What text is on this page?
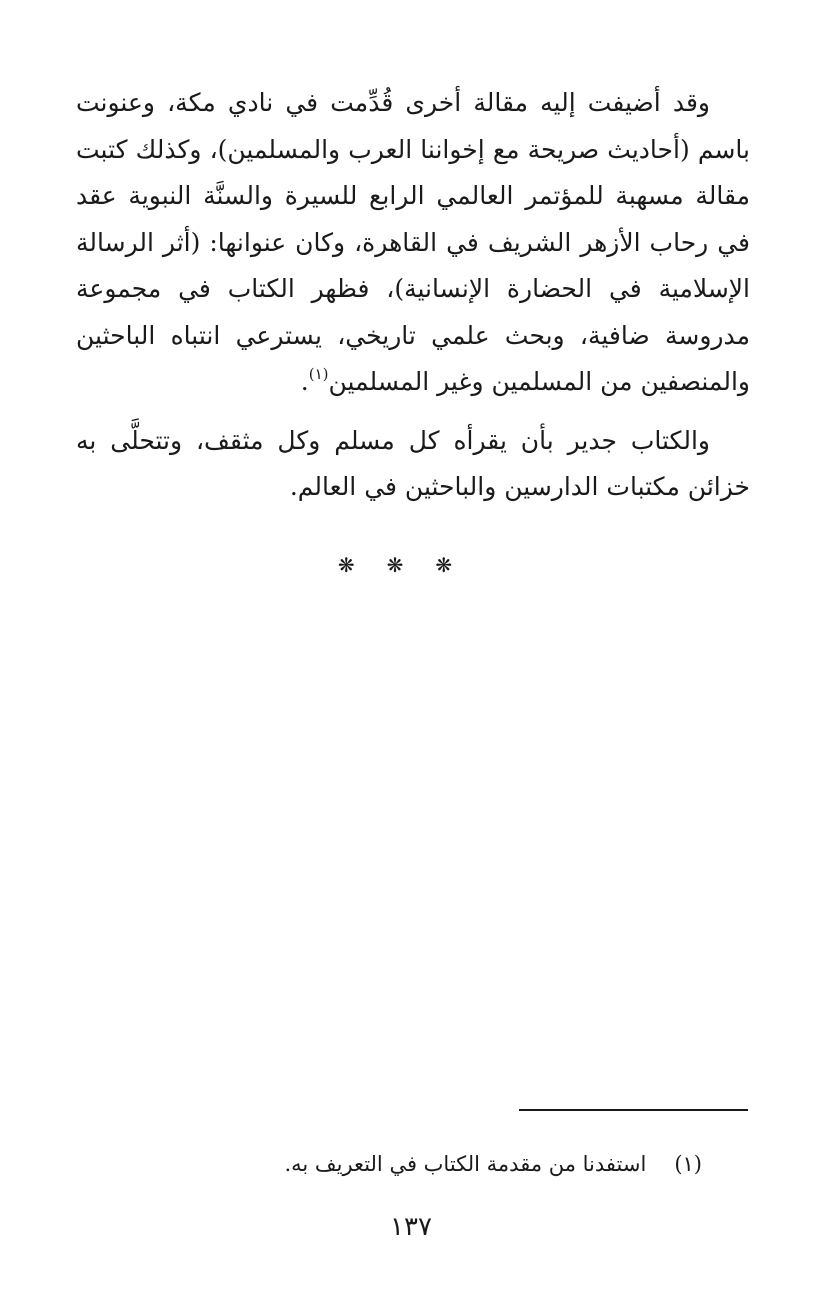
وقد أضيفت إليه مقالة أخرى قُدِّمت في نادي مكة، وعنونت باسم (أحاديث صريحة مع إخواننا العرب والمسلمين)، وكذلك كتبت مقالة مسهبة للمؤتمر العالمي الرابع للسيرة والسنَّة النبوية عقد في رحاب الأزهر الشريف في القاهرة، وكان عنوانها: (أثر الرسالة الإسلامية في الحضارة الإنسانية)، فظهر الكتاب في مجموعة مدروسة ضافية، وبحث علمي تاريخي، يسترعي انتباه الباحثين والمنصفين من المسلمين وغير المسلمين$^{(١)}$.

والكتاب جدير بأن يقرأه كل مسلم وكل مثقف، وتتحلَّى به خزائن مكتبات الدارسين والباحثين في العالم.

❋❋❋
(١)استفدنا من مقدمة الكتاب في التعريف به.
١٣٧
